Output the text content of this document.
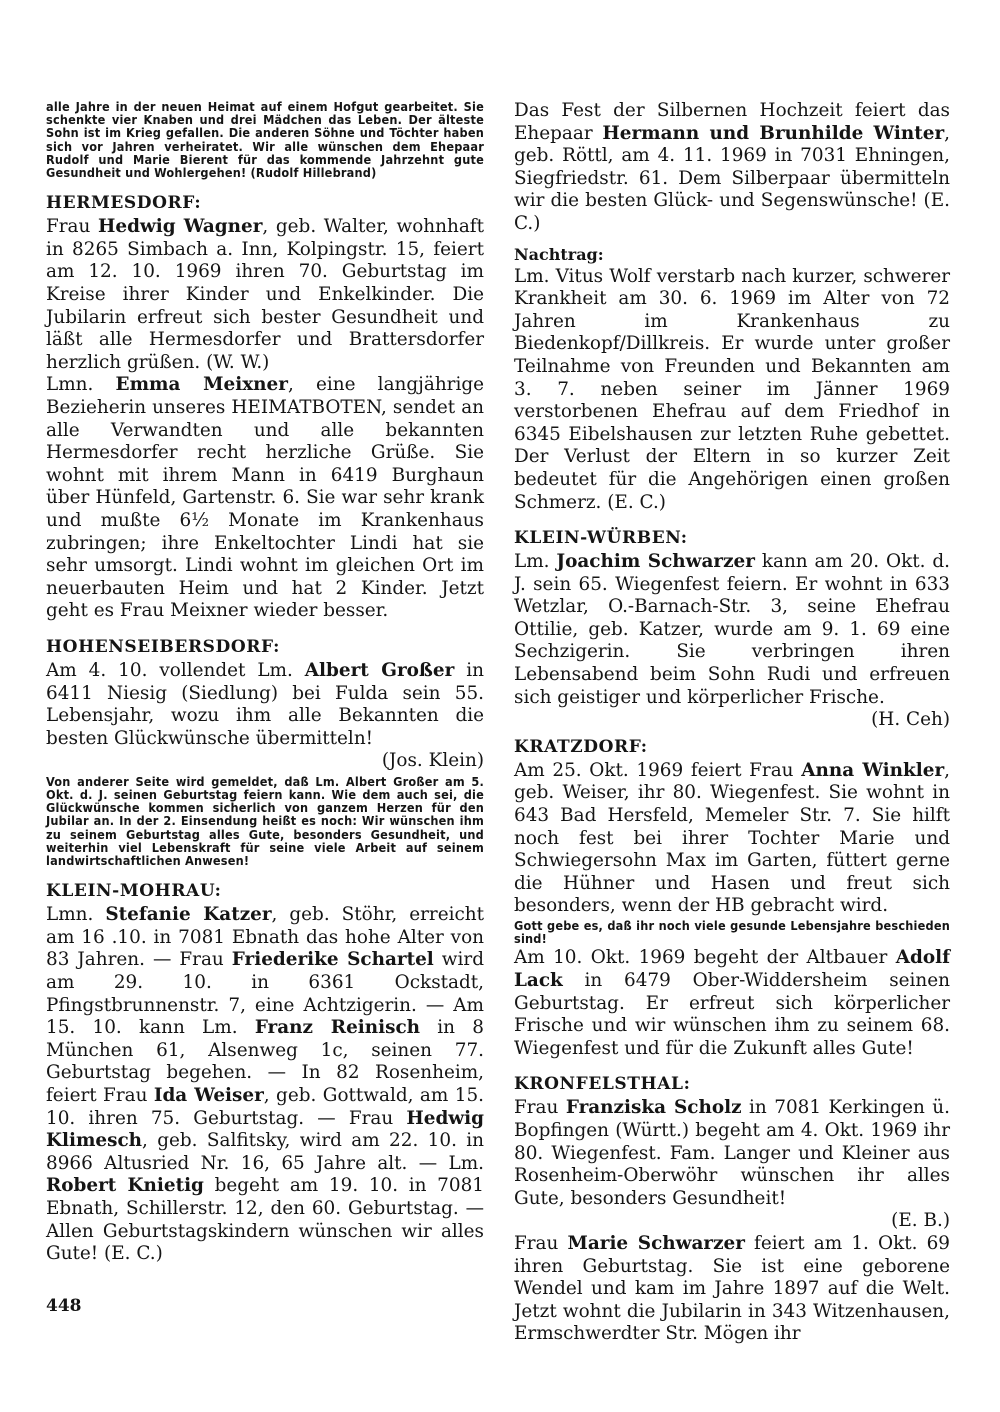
alle Jahre in der neuen Heimat auf einem Hofgut gearbeitet. Sie schenkte vier Knaben und drei Mädchen das Leben. Der älteste Sohn ist im Krieg gefallen. Die anderen Söhne und Töchter haben sich vor Jahren verheiratet. Wir alle wünschen dem Ehepaar Rudolf und Marie Bierent für das kommende Jahrzehnt gute Gesundheit und Wohlergehen! (Rudolf Hillebrand)

HERMESDORF:

Frau Hedwig Wagner, geb. Walter, wohnhaft in 8265 Simbach a. Inn, Kolpingstr. 15, feiert am 12. 10. 1969 ihren 70. Geburtstag im Kreise ihrer Kinder und Enkelkinder. Die Jubilarin erfreut sich bester Gesundheit und läßt alle Hermesdorfer und Brattersdorfer herzlich grüßen. (W. W.)

Lmn. Emma Meixner, eine langjährige Bezieherin unseres HEIMATBOTEN, sendet an alle Verwandten und alle bekannten Hermesdorfer recht herzliche Grüße. Sie wohnt mit ihrem Mann in 6419 Burghaun über Hünfeld, Gartenstr. 6. Sie war sehr krank und mußte 6½ Monate im Krankenhaus zubringen; ihre Enkeltochter Lindi hat sie sehr umsorgt. Lindi wohnt im gleichen Ort im neuerbauten Heim und hat 2 Kinder. Jetzt geht es Frau Meixner wieder besser.

HOHENSEIBERSDORF:

Am 4. 10. vollendet Lm. Albert Großer in 6411 Niesig (Siedlung) bei Fulda sein 55. Lebensjahr, wozu ihm alle Bekannten die besten Glückwünsche übermitteln!
(Jos. Klein)

Von anderer Seite wird gemeldet, daß Lm. Albert Großer am 5. Okt. d. J. seinen Geburtstag feiern kann. Wie dem auch sei, die Glückwünsche kommen sicherlich von ganzem Herzen für den Jubilar an. In der 2. Einsendung heißt es noch: Wir wünschen ihm zu seinem Geburtstag alles Gute, besonders Gesundheit, und weiterhin viel Lebenskraft für seine viele Arbeit auf seinem landwirtschaftlichen Anwesen!

KLEIN-MOHRAU:

Lmn. Stefanie Katzer, geb. Stöhr, erreicht am 16 .10. in 7081 Ebnath das hohe Alter von 83 Jahren. — Frau Friederike Schartel wird am 29. 10. in 6361 Ockstadt, Pfingstbrunnenstr. 7, eine Achtzigerin. — Am 15. 10. kann Lm. Franz Reinisch in 8 München 61, Alsenweg 1c, seinen 77. Geburtstag begehen. — In 82 Rosenheim, feiert Frau Ida Weiser, geb. Gottwald, am 15. 10. ihren 75. Geburtstag. — Frau Hedwig Klimesch, geb. Salfitsky, wird am 22. 10. in 8966 Altusried Nr. 16, 65 Jahre alt. — Lm. Robert Knietig begeht am 19. 10. in 7081 Ebnath, Schillerstr. 12, den 60. Geburtstag. — Allen Geburtstagskindern wünschen wir alles Gute! (E. C.)

Das Fest der Silbernen Hochzeit feiert das Ehepaar Hermann und Brunhilde Winter, geb. Röttl, am 4. 11. 1969 in 7031 Ehningen, Siegfriedstr. 61. Dem Silberpaar übermitteln wir die besten Glück- und Segenswünsche! (E. C.)

Nachtrag:

Lm. Vitus Wolf verstarb nach kurzer, schwerer Krankheit am 30. 6. 1969 im Alter von 72 Jahren im Krankenhaus zu Biedenkopf/Dillkreis. Er wurde unter großer Teilnahme von Freunden und Bekannten am 3. 7. neben seiner im Jänner 1969 verstorbenen Ehefrau auf dem Friedhof in 6345 Eibelshausen zur letzten Ruhe gebettet. Der Verlust der Eltern in so kurzer Zeit bedeutet für die Angehörigen einen großen Schmerz. (E. C.)

KLEIN-WÜRBEN:

Lm. Joachim Schwarzer kann am 20. Okt. d. J. sein 65. Wiegenfest feiern. Er wohnt in 633 Wetzlar, O.-Barnach-Str. 3, seine Ehefrau Ottilie, geb. Katzer, wurde am 9. 1. 69 eine Sechzigerin. Sie verbringen ihren Lebensabend beim Sohn Rudi und erfreuen sich geistiger und körperlicher Frische.
(H. Ceh)

KRATZDORF:

Am 25. Okt. 1969 feiert Frau Anna Winkler, geb. Weiser, ihr 80. Wiegenfest. Sie wohnt in 643 Bad Hersfeld, Memeler Str. 7. Sie hilft noch fest bei ihrer Tochter Marie und Schwiegersohn Max im Garten, füttert gerne die Hühner und Hasen und freut sich besonders, wenn der HB gebracht wird.

Gott gebe es, daß ihr noch viele gesunde Lebensjahre beschieden sind!

Am 10. Okt. 1969 begeht der Altbauer Adolf Lack in 6479 Ober-Widdersheim seinen Geburtstag. Er erfreut sich körperlicher Frische und wir wünschen ihm zu seinem 68. Wiegenfest und für die Zukunft alles Gute!

KRONFELSTHAL:

Frau Franziska Scholz in 7081 Kerkingen ü. Bopfingen (Württ.) begeht am 4. Okt. 1969 ihr 80. Wiegenfest. Fam. Langer und Kleiner aus Rosenheim-Oberwöhr wünschen ihr alles Gute, besonders Gesundheit!
(E. B.)

Frau Marie Schwarzer feiert am 1. Okt. 69 ihren Geburtstag. Sie ist eine geborene Wendel und kam im Jahre 1897 auf die Welt. Jetzt wohnt die Jubilarin in 343 Witzenhausen, Ermschwerdter Str. Mögen ihr

448
